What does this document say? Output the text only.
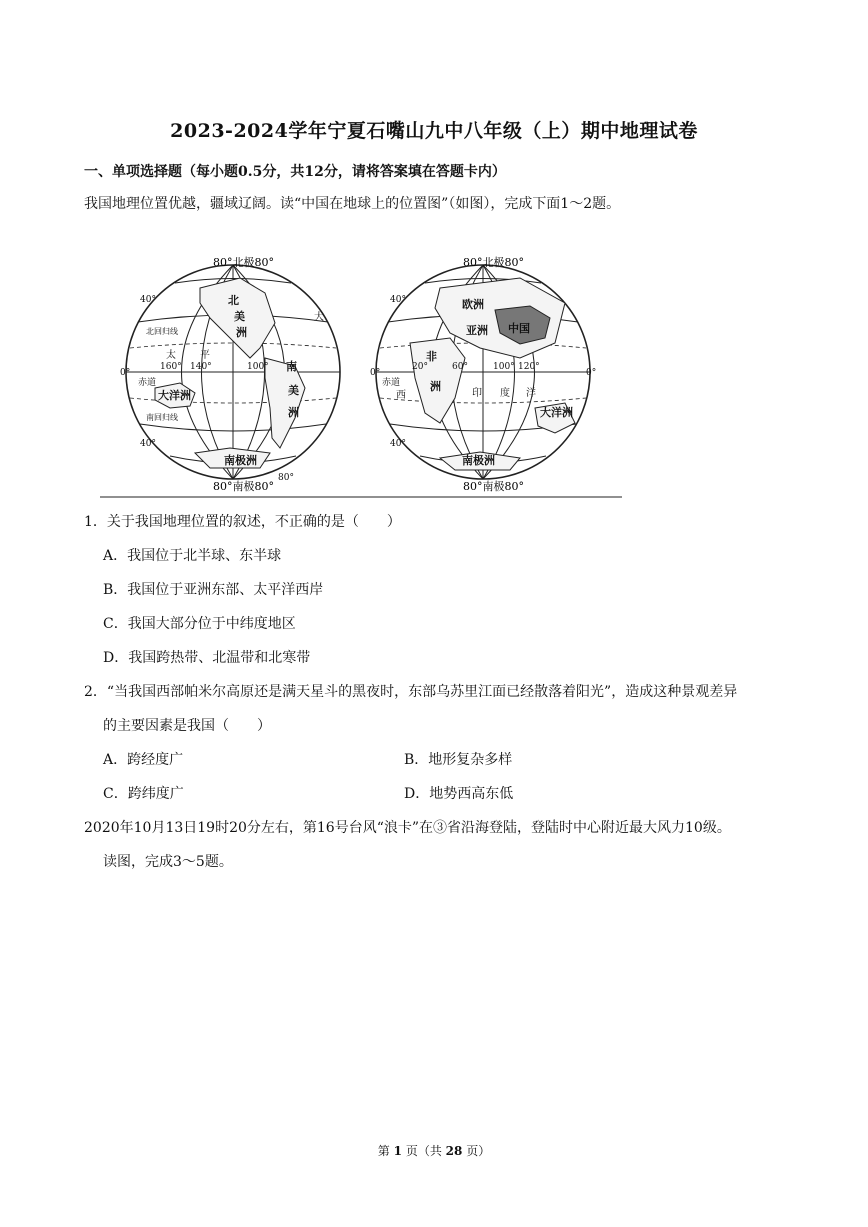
2023-2024学年宁夏石嘴山九中八年级（上）期中地理试卷
一、单项选择题（每小题0.5分，共12分，请将答案填在答题卡内）
我国地理位置优越，疆域辽阔。读“中国在地球上的位置图”（如图），完成下面1～2题。
80°北极80°
80°南极80°
北
美
洲
南
美
洲
大洋洲
南极洲
40°
40°
0°
160° 140°	100°
80°
太 平
赤道
北回归线
南回归线
大
80°北极80°
80°南极80°
欧洲
亚洲 中国
非
洲
大洋洲
南极洲
40°
40°
0°	0°
20°	60°	100° 120°
赤道
印 度 洋
西
1．关于我国地理位置的叙述，不正确的是（　　）
A．我国位于北半球、东半球
B．我国位于亚洲东部、太平洋西岸
C．我国大部分位于中纬度地区
D．我国跨热带、北温带和北寒带
2．“当我国西部帕米尔高原还是满天星斗的黑夜时，东部乌苏里江面已经散落着阳光”，造成这种景观差异
的主要因素是我国（　　）
A．跨经度广	B．地形复杂多样
C．跨纬度广	D．地势西高东低
2020年10月13日19时20分左右，第16号台风“浪卡”在③省沿海登陆，登陆时中心附近最大风力10级。
读图，完成3～5题。
第 1 页（共 28 页）
